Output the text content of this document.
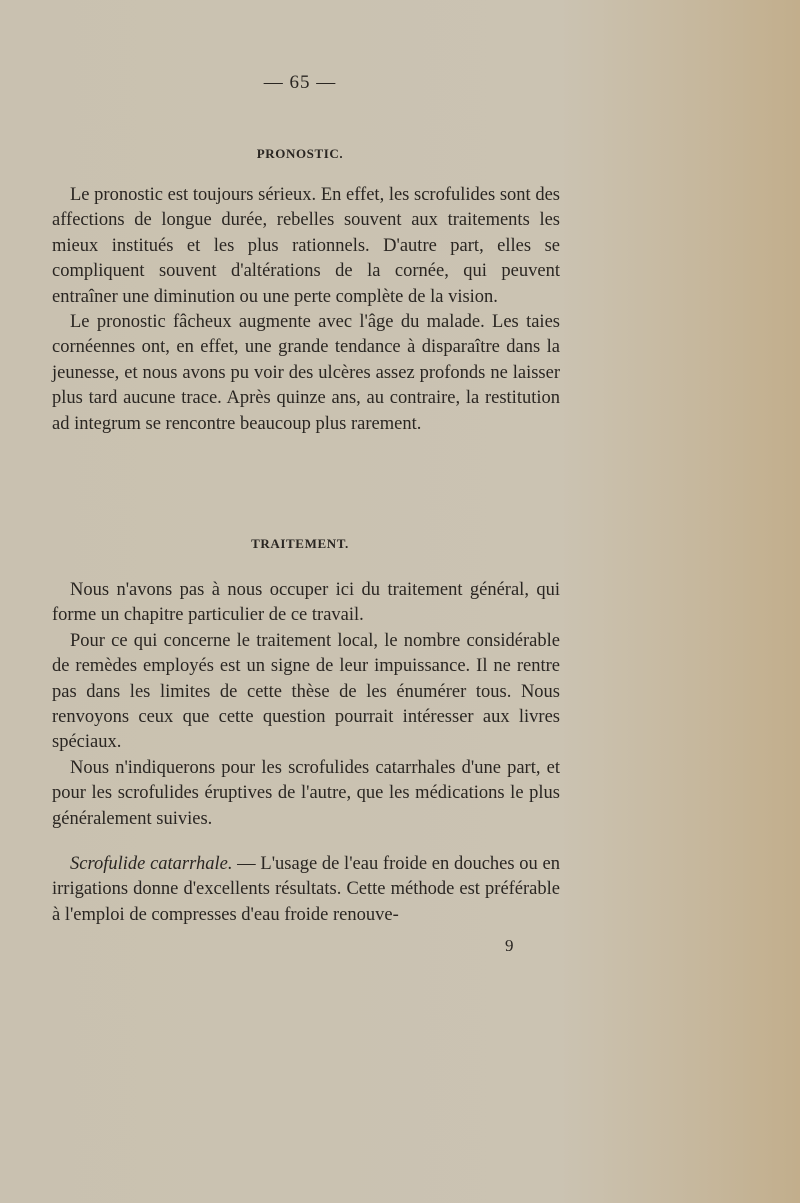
— 65 —
PRONOSTIC.

Le pronostic est toujours sérieux. En effet, les scrofulides sont des affections de longue durée, rebelles souvent aux traitements les mieux institués et les plus rationnels. D'autre part, elles se compliquent souvent d'altérations de la cornée, qui peuvent entraîner une diminution ou une perte complète de la vision.

Le pronostic fâcheux augmente avec l'âge du malade. Les taies cornéennes ont, en effet, une grande tendance à disparaître dans la jeunesse, et nous avons pu voir des ulcères assez profonds ne laisser plus tard aucune trace. Après quinze ans, au contraire, la restitution ad integrum se rencontre beaucoup plus rarement.

TRAITEMENT.

Nous n'avons pas à nous occuper ici du traitement général, qui forme un chapitre particulier de ce travail.

Pour ce qui concerne le traitement local, le nombre considérable de remèdes employés est un signe de leur impuissance. Il ne rentre pas dans les limites de cette thèse de les énumérer tous. Nous renvoyons ceux que cette question pourrait intéresser aux livres spéciaux.

Nous n'indiquerons pour les scrofulides catarrhales d'une part, et pour les scrofulides éruptives de l'autre, que les médications le plus généralement suivies.

Scrofulide catarrhale. — L'usage de l'eau froide en douches ou en irrigations donne d'excellents résultats. Cette méthode est préférable à l'emploi de compresses d'eau froide renouve-

9
